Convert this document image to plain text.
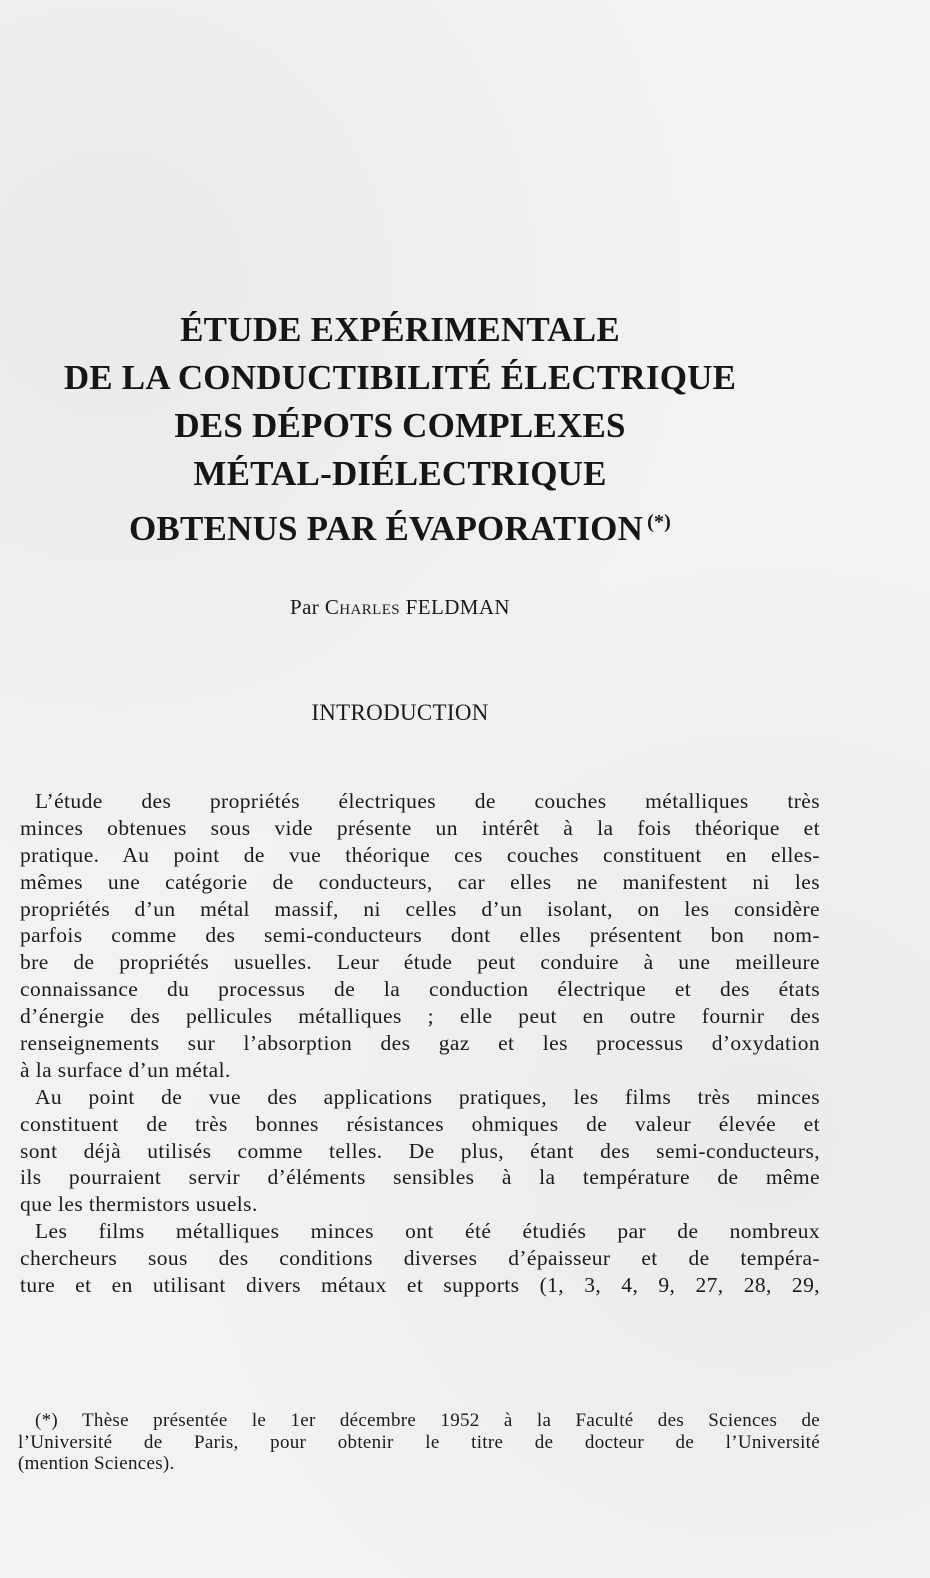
ÉTUDE EXPÉRIMENTALE
DE LA CONDUCTIBILITÉ ÉLECTRIQUE
DES DÉPOTS COMPLEXES
MÉTAL-DIÉLECTRIQUE
OBTENUS PAR ÉVAPORATION (*)
Par Charles FELDMAN
INTRODUCTION
L’étude des propriétés électriques de couches métalliques très
minces obtenues sous vide présente un intérêt à la fois théorique et
pratique. Au point de vue théorique ces couches constituent en elles-
mêmes une catégorie de conducteurs, car elles ne manifestent ni les
propriétés d’un métal massif, ni celles d’un isolant, on les considère
parfois comme des semi-conducteurs dont elles présentent bon nom-
bre de propriétés usuelles. Leur étude peut conduire à une meilleure
connaissance du processus de la conduction électrique et des états
d’énergie des pellicules métalliques ; elle peut en outre fournir des
renseignements sur l’absorption des gaz et les processus d’oxydation
à la surface d’un métal.
Au point de vue des applications pratiques, les films très minces
constituent de très bonnes résistances ohmiques de valeur élevée et
sont déjà utilisés comme telles. De plus, étant des semi-conducteurs,
ils pourraient servir d’éléments sensibles à la température de même
que les thermistors usuels.
Les films métalliques minces ont été étudiés par de nombreux
chercheurs sous des conditions diverses d’épaisseur et de tempéra-
ture et en utilisant divers métaux et supports (1, 3, 4, 9, 27, 28, 29,
(*) Thèse présentée le 1er décembre 1952 à la Faculté des Sciences de
l’Université de Paris, pour obtenir le titre de docteur de l’Université
(mention Sciences).
